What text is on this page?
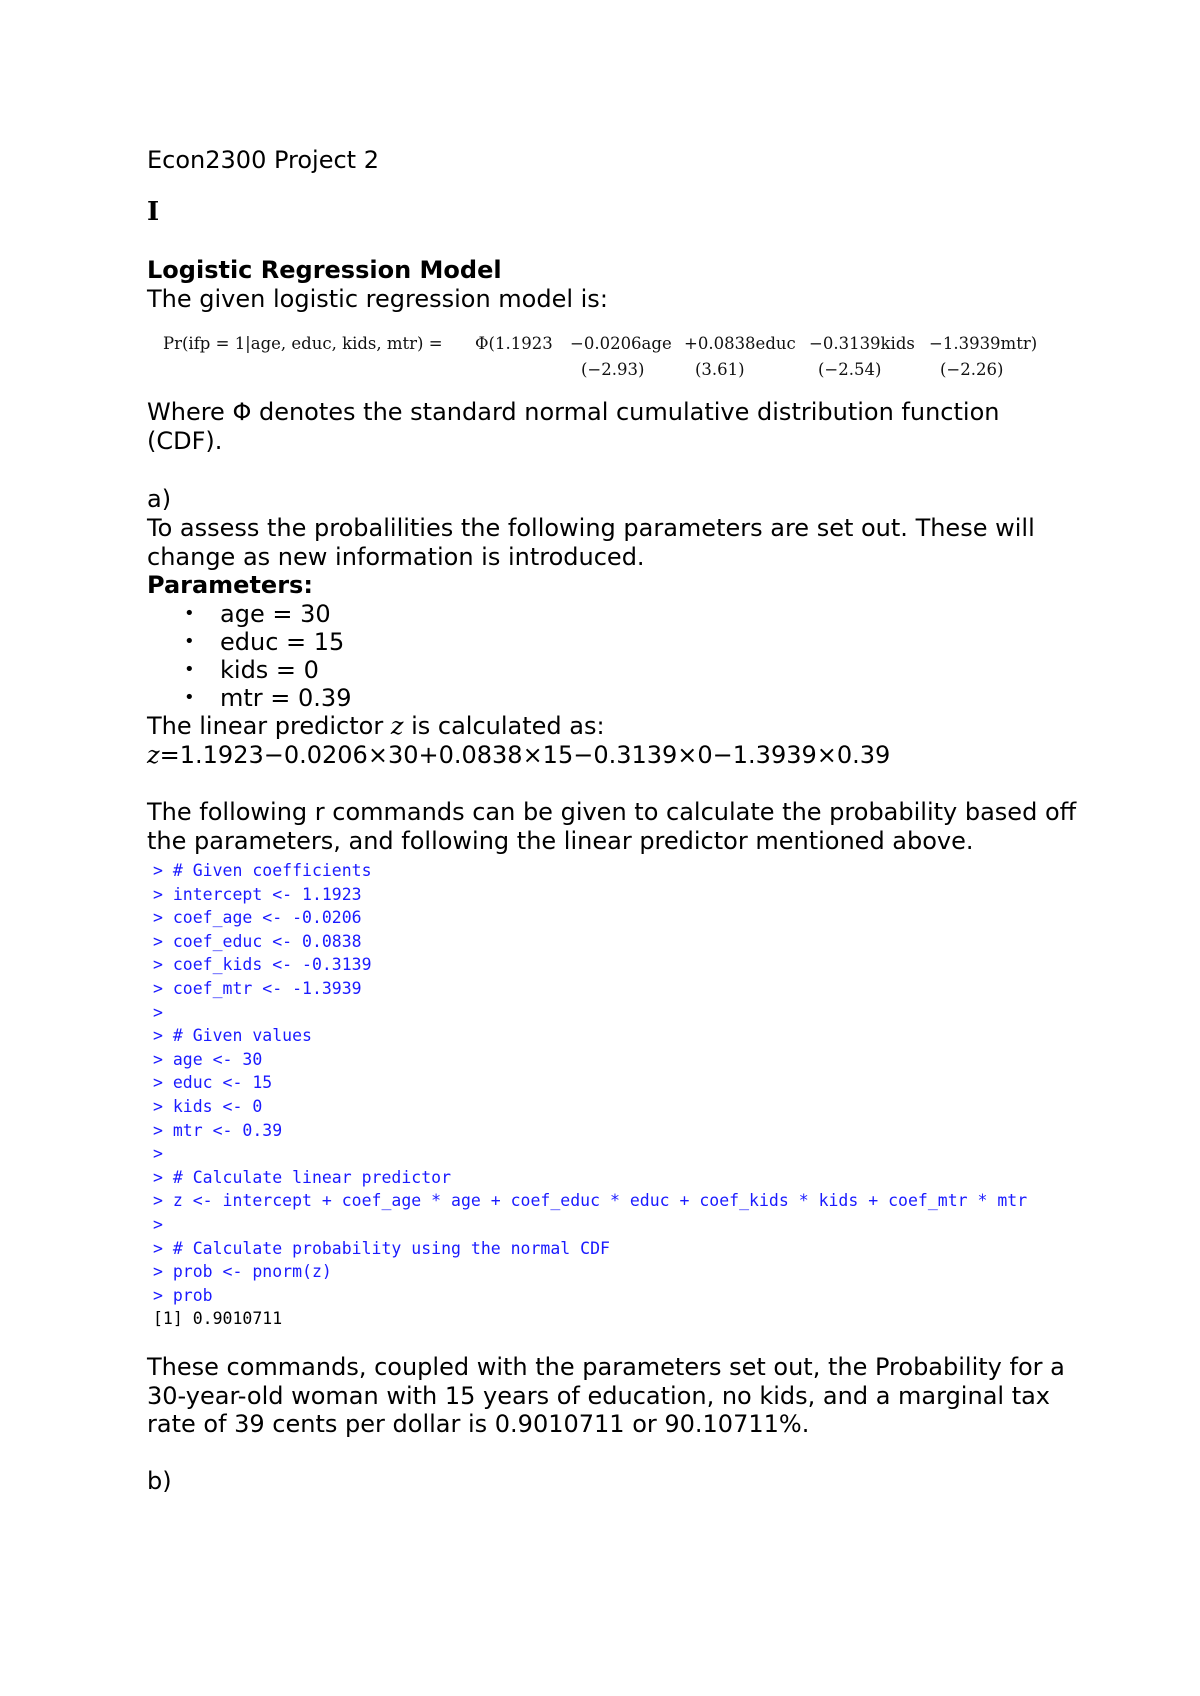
Econ2300 Project 2
I
Logistic Regression Model
The given logistic regression model is:
Pr(ifp = 1|age, educ, kids, mtr) = Φ(1.1923 −0.0206age +0.0838educ −0.3139kids −1.3939mtr)
(−2.93)	(3.61)	(−2.54)	(−2.26)
Where Φ denotes the standard normal cumulative distribution function (CDF).
a)
To assess the probalilities the following parameters are set out. These will change as new information is introduced.
Parameters:
• age = 30
• educ = 15
• kids = 0
• mtr = 0.39
The linear predictor z is calculated as:
z=1.1923−0.0206×30+0.0838×15−0.3139×0−1.3939×0.39
The following r commands can be given to calculate the probability based off the parameters, and following the linear predictor mentioned above.
> # Given coefficients
> intercept <- 1.1923
> coef_age <- -0.0206
> coef_educ <- 0.0838
> coef_kids <- -0.3139
> coef_mtr <- -1.3939
>
> # Given values
> age <- 30
> educ <- 15
> kids <- 0
> mtr <- 0.39
>
> # Calculate linear predictor
> z <- intercept + coef_age * age + coef_educ * educ + coef_kids * kids + coef_mtr * mtr
>
> # Calculate probability using the normal CDF
> prob <- pnorm(z)
> prob
[1] 0.9010711
These commands, coupled with the parameters set out, the Probability for a 30-year-old woman with 15 years of education, no kids, and a marginal tax rate of 39 cents per dollar is 0.9010711 or 90.10711%.
b)
